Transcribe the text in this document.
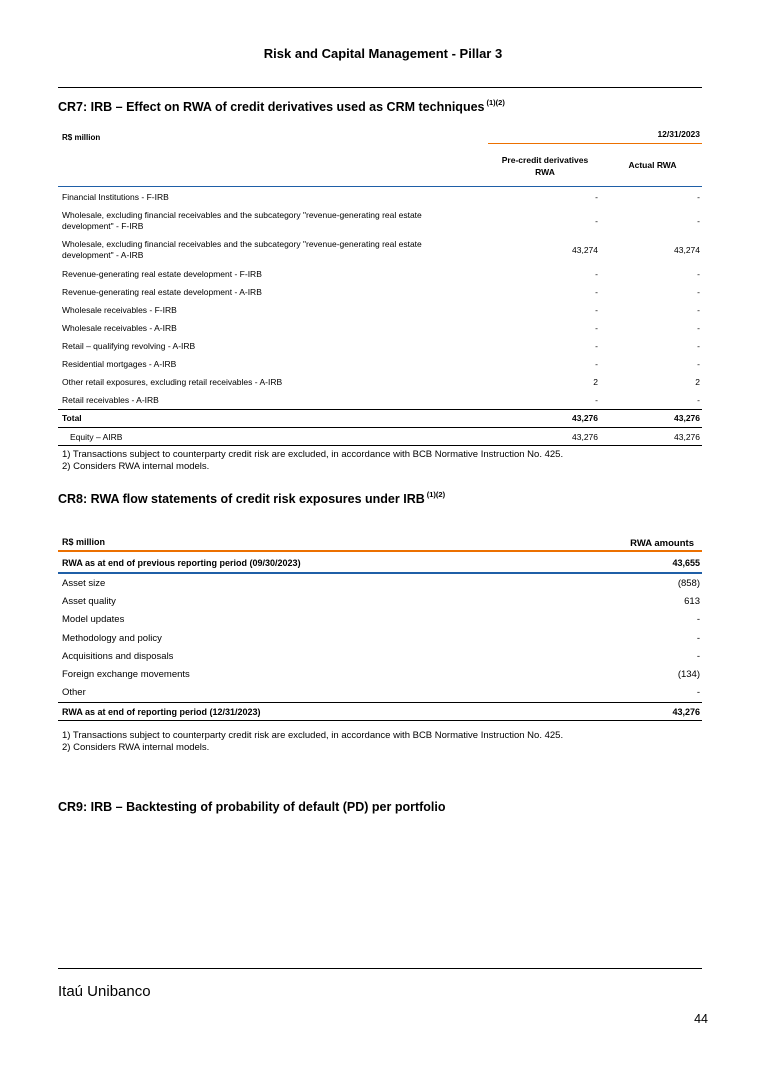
Risk and Capital Management - Pillar 3
CR7: IRB – Effect on RWA of credit derivatives used as CRM techniques $^{(1)(2)}$
R$ million	12/31/2023
Pre-credit derivatives
RWA
Actual RWA
Financial Institutions - F-IRB	-	-
Wholesale, excluding financial receivables and the subcategory "revenue-generating real estate
development" - F-IRB	-	-
Wholesale, excluding financial receivables and the subcategory "revenue-generating real estate
development" - A-IRB	43,274	43,274
Revenue-generating real estate development - F-IRB	-	-
Revenue-generating real estate development - A-IRB	-	-
Wholesale receivables - F-IRB	-	-
Wholesale receivables - A-IRB	-	-
Retail – qualifying revolving - A-IRB	-	-
Residential mortgages - A-IRB	-	-
Other retail exposures, excluding retail receivables - A-IRB	2	2
Retail receivables - A-IRB	-	-
Total	43,276	43,276
Equity – AIRB	43,276	43,276
1) Transactions subject to counterparty credit risk are excluded, in accordance with BCB Normative Instruction No. 425.
2) Considers RWA internal models.
CR8: RWA flow statements of credit risk exposures under IRB $^{(1)(2)}$
R$ million	RWA amounts
RWA as at end of previous reporting period (09/30/2023)	43,655
Asset size	(858)
Asset quality	613
Model updates	-
Methodology and policy	-
Acquisitions and disposals	-
Foreign exchange movements	(134)
Other	-
RWA as at end of reporting period (12/31/2023)	43,276
1) Transactions subject to counterparty credit risk are excluded, in accordance with BCB Normative Instruction No. 425.
2) Considers RWA internal models.
CR9: IRB – Backtesting of probability of default (PD) per portfolio
Itaú Unibanco
44
